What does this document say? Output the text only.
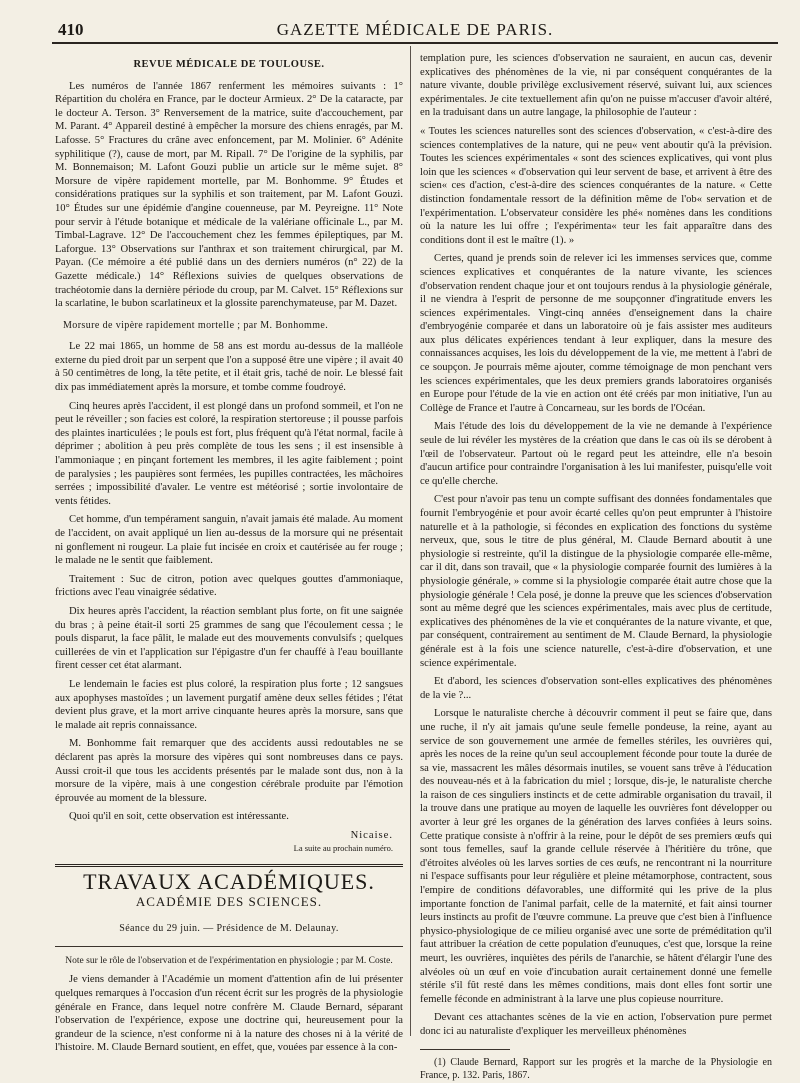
410	GAZETTE MÉDICALE DE PARIS.
REVUE MÉDICALE DE TOULOUSE.

Les numéros de l'année 1867 renferment les mémoires suivants : 1° Répartition du choléra en France, par le docteur Armieux. 2° De la cataracte, par le docteur A. Terson. 3° Renversement de la matrice, suite d'accouchement, par M. Parant. 4° Appareil destiné à empêcher la morsure des chiens enragés, par M. Lafosse. 5° Fractures du crâne avec enfoncement, par M. Molinier. 6° Adénite syphilitique (?), cause de mort, par M. Ripall. 7° De l'origine de la syphilis, par M. Bonnemaison; M. Lafont Gouzi publie un article sur le même sujet. 8° Morsure de vipère rapidement mortelle, par M. Bonhomme. 9° Études et considérations pratiques sur la syphilis et son traitement, par M. Lafont Gouzi. 10° Études sur une épidémie d'angine couenneuse, par M. Peyreigne. 11° Note pour servir à l'étude botanique et médicale de la valériane officinale L., par M. Timbal-Lagrave. 12° De l'accouchement chez les femmes épileptiques, par M. Laforgue. 13° Observations sur l'anthrax et son traitement chirurgical, par M. Payan. (Ce mémoire a été publié dans un des derniers numéros (n° 22) de la Gazette médicale.) 14° Réflexions suivies de quelques observations de trachéotomie dans la dernière période du croup, par M. Calvet. 15° Réflexions sur la scarlatine, le bubon scarlatineux et la glossite parenchymateuse, par M. Dazet.

Morsure de vipère rapidement mortelle ; par M. Bonhomme.

Le 22 mai 1865, un homme de 58 ans est mordu au-dessus de la malléole externe du pied droit par un serpent que l'on a supposé être une vipère ; il avait 40 à 50 centimètres de long, la tête petite, et il était gris, taché de noir. Le blessé fait dix pas immédiatement après la morsure, et tombe comme foudroyé.

Cinq heures après l'accident, il est plongé dans un profond sommeil, et l'on ne peut le réveiller ; son facies est coloré, la respiration stertoreuse ; il pousse parfois des plaintes inarticulées ; le pouls est fort, plus fréquent qu'à l'état normal, facile à déprimer ; abolition à peu près complète de tous les sens ; il est insensible à l'ammoniaque ; en pinçant fortement les membres, il les agite faiblement ; point de paralysies ; les paupières sont fermées, les pupilles contractées, les mâchoires serrées ; impossibilité d'avaler. Le ventre est météorisé ; sortie involontaire de vents fétides.

Cet homme, d'un tempérament sanguin, n'avait jamais été malade. Au moment de l'accident, on avait appliqué un lien au-dessus de la morsure qui ne présentait ni gonflement ni rougeur. La plaie fut incisée en croix et cautérisée au fer rouge ; le malade ne le sentit que faiblement.

Traitement : Suc de citron, potion avec quelques gouttes d'ammoniaque, frictions avec l'eau vinaigrée sédative.

Dix heures après l'accident, la réaction semblant plus forte, on fit une saignée du bras ; à peine était-il sorti 25 grammes de sang que l'écoulement cessa ; le pouls disparut, la face pâlit, le malade eut des mouvements convulsifs ; quelques cuillerées de vin et l'application sur l'épigastre d'un fer chauffé à l'eau bouillante firent cesser cet état alarmant.

Le lendemain le facies est plus coloré, la respiration plus forte ; 12 sangsues aux apophyses mastoïdes ; un lavement purgatif amène deux selles fétides ; l'état devient plus grave, et la mort arrive cinquante heures après la morsure, sans que le malade ait repris connaissance.

M. Bonhomme fait remarquer que des accidents aussi redoutables ne se déclarent pas après la morsure des vipères qui sont nombreuses dans ce pays. Aussi croit-il que tous les accidents présentés par le malade sont dus, non à la morsure de la vipère, mais à une congestion cérébrale produite par l'émotion éprouvée au moment de la blessure.

Quoi qu'il en soit, cette observation est intéressante.

Nicaise.
La suite au prochain numéro.
TRAVAUX ACADÉMIQUES.
ACADÉMIE DES SCIENCES.
Séance du 29 juin. — Présidence de M. Delaunay.

Note sur le rôle de l'observation et de l'expérimentation en physiologie ; par M. Coste.

Je viens demander à l'Académie un moment d'attention afin de lui présenter quelques remarques à l'occasion d'un récent écrit sur les progrès de la physiologie générale en France, dans lequel notre confrère M. Claude Bernard, séparant l'observation de l'expérience, expose une doctrine qui, heureusement pour la grandeur de la science, n'est conforme ni à la nature des choses ni à la vérité de l'histoire. M. Claude Bernard soutient, en effet, que, vouées par essence à la con-

templation pure, les sciences d'observation ne sauraient, en aucun cas, devenir explicatives des phénomènes de la vie, ni par conséquent conquérantes de la nature vivante, double privilège exclusivement réservé, suivant lui, aux sciences expérimentales. Je cite textuellement afin qu'on ne puisse m'accuser d'avoir altéré, en la traduisant dans un autre langage, la philosophie de l'auteur :

« Toutes les sciences naturelles sont des sciences d'observation, « c'est-à-dire des sciences contemplatives de la nature, qui ne peu« vent aboutir qu'à la prévision. Toutes les sciences expérimentales « sont des sciences explicatives, qui vont plus loin que les sciences « d'observation qui leur servent de base, et arrivent à être des scien« ces d'action, c'est-à-dire des sciences conquérantes de la nature. « Cette distinction fondamentale ressort de la définition même de l'ob« servation et de l'expérimentation. L'observateur considère les phé« nomènes dans les conditions où la nature les lui offre ; l'expérimenta« teur les fait apparaître dans des conditions dont il est le maître (1). »

Certes, quand je prends soin de relever ici les immenses services que, comme sciences explicatives et conquérantes de la nature vivante, les sciences d'observation rendent chaque jour et ont toujours rendus à la physiologie générale, il ne viendra à l'esprit de personne de me soupçonner d'ingratitude envers les sciences expérimentales. Vingt-cinq années d'enseignement dans la chaire d'embryogénie comparée et dans un laboratoire où je fais assister mes auditeurs aux plus délicates expériences tendant à leur expliquer, dans la mesure des connaissances acquises, les lois du développement de la vie, me mettent à l'abri de ce soupçon. Je pourrais même ajouter, comme témoignage de mon penchant vers les sciences expérimentales, que les deux premiers grands laboratoires organisés en Europe pour l'étude de la vie en action ont été créés par mon initiative, l'un au Collège de France et l'autre à Concarneau, sur les bords de l'Océan.

Mais l'étude des lois du développement de la vie ne demande à l'expérience seule de lui révéler les mystères de la création que dans le cas où ils se dérobent à l'œil de l'observateur. Partout où le regard peut les atteindre, elle n'a besoin d'aucun artifice pour contraindre l'organisation à les lui manifester, puisqu'elle voit ce qu'elle cherche.

C'est pour n'avoir pas tenu un compte suffisant des données fondamentales que fournit l'embryogénie et pour avoir écarté celles qu'on peut emprunter à l'histoire naturelle et à la pathologie, si fécondes en explication des fonctions du système nerveux, que, sous le titre de plus général, M. Claude Bernard aboutit à une physiologie si restreinte, qu'il la distingue de la physiologie comparée elle-même, car il dit, dans son travail, que « la physiologie comparée fournit des lumières à la physiologie générale, » comme si la physiologie comparée était autre chose que la physiologie générale ! Cela posé, je donne la preuve que les sciences d'observation sont au même degré que les sciences expérimentales, mais avec plus de certitude, explicatives des phénomènes de la vie et conquérantes de la nature vivante, et que, par conséquent, contrairement au sentiment de M. Claude Bernard, la physiologie générale est à la fois une science naturelle, c'est-à-dire d'observation, et une science expérimentale.

Et d'abord, les sciences d'observation sont-elles explicatives des phénomènes de la vie ?...

Lorsque le naturaliste cherche à découvrir comment il peut se faire que, dans une ruche, il n'y ait jamais qu'une seule femelle pondeuse, la reine, ayant au service de son gouvernement une armée de femelles stériles, les ouvrières qui, après les noces de la reine qu'un seul accouplement féconde pour toute la durée de sa vie, massacrent les mâles désormais inutiles, se vouent sans trêve à l'éducation des nouveau-nés et à la fabrication du miel ; lorsque, dis-je, le naturaliste cherche la raison de ces singuliers instincts et de cette admirable organisation du travail, il la trouve dans une pratique au moyen de laquelle les ouvrières font développer ou avorter à leur gré les organes de la génération des larves confiées à leurs soins. Cette pratique consiste à n'offrir à la reine, pour le dépôt de ses premiers œufs qui sont tous femelles, sauf la grande cellule réservée à l'héritière du trône, que d'étroites alvéoles où les larves sorties de ces œufs, ne rencontrant ni la nourriture ni l'espace suffisants pour leur régulière et pleine métamorphose, contractent, sous l'empire de conditions défavorables, une difformité qui les prive de la plus importante fonction de l'animal parfait, celle de la maternité, et fait ainsi tourner leurs instincts au profit de l'œuvre commune. La preuve que c'est bien à l'influence physico-physiologique de ce milieu organisé avec une sorte de préméditation qu'il faut attribuer la création de cette population d'eunuques, c'est que, lorsque la reine meurt, les ouvrières, inquiètes des périls de l'anarchie, se hâtent d'élargir l'une des alvéoles où un œuf en voie d'incubation aurait certainement donné une femelle stérile s'il fût resté dans les mêmes conditions, mais dont elles font sortir une femelle féconde en administrant à la larve une plus copieuse nourriture.

Devant ces attachantes scènes de la vie en action, l'observation pure permet donc ici au naturaliste d'expliquer les merveilleux phénomènes

(1) Claude Bernard, Rapport sur les progrès et la marche de la Physiologie en France, p. 132. Paris, 1867.
